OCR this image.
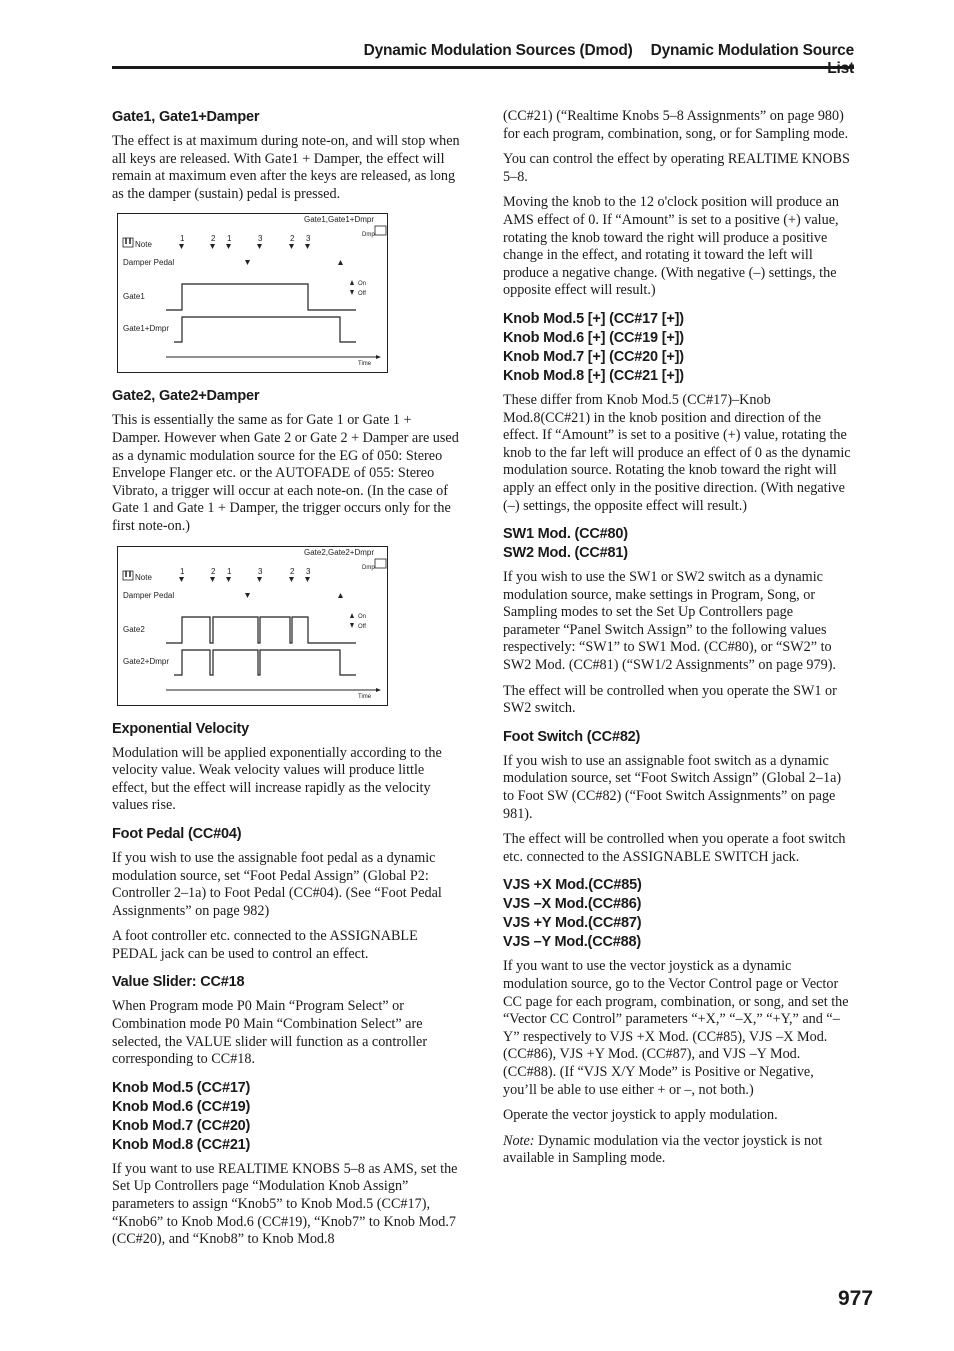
Dynamic Modulation Sources (Dmod) Dynamic Modulation Source
Gate1, Gate1+Damper

The effect is at maximum during note-on, and will stop when all keys are released. With Gate1 + Damper, the effect will remain at maximum even after the keys are released, as long as the damper (sustain) pedal is pressed.

Gate1,Gate1+Dmpr
Dmp
Note
1	2 1	3	2 3
Damper Pedal
On
Off
Gate1
Gate1+Dmpr
Time
Gate2, Gate2+Damper

This is essentially the same as for Gate 1 or Gate 1 + Damper. However when Gate 2 or Gate 2 + Damper are used as a dynamic modulation source for the EG of 050: Stereo Envelope Flanger etc. or the AUTOFADE of 055: Stereo Vibrato, a trigger will occur at each note-on. (In the case of Gate 1 and Gate 1 + Damper, the trigger occurs only for the first note-on.)

Gate2,Gate2+Dmpr
Dmp
Note
1	2 1	3	2 3
Damper Pedal
On
Off
Gate2
Gate2+Dmpr
Time
Exponential Velocity

Modulation will be applied exponentially according to the velocity value. Weak velocity values will produce little effect, but the effect will increase rapidly as the velocity values rise.

Foot Pedal (CC#04)

If you wish to use the assignable foot pedal as a dynamic modulation source, set “Foot Pedal Assign” (Global P2: Controller 2–1a) to Foot Pedal (CC#04). (See “Foot Pedal Assignments” on page 982)

A foot controller etc. connected to the ASSIGNABLE PEDAL jack can be used to control an effect.

Value Slider: CC#18

When Program mode P0 Main “Program Select” or Combination mode P0 Main “Combination Select” are selected, the VALUE slider will function as a controller corresponding to CC#18.

Knob Mod.5 (CC#17)
Knob Mod.6 (CC#19)
Knob Mod.7 (CC#20)
Knob Mod.8 (CC#21)

If you want to use REALTIME KNOBS 5–8 as AMS, set the Set Up Controllers page “Modulation Knob Assign” parameters to assign “Knob5” to Knob Mod.5 (CC#17), “Knob6” to Knob Mod.6 (CC#19), “Knob7” to Knob Mod.7 (CC#20), and “Knob8” to Knob Mod.8

(CC#21) (“Realtime Knobs 5–8 Assignments” on page 980) for each program, combination, song, or for Sampling mode.

You can control the effect by operating REALTIME KNOBS 5–8.

Moving the knob to the 12 o'clock position will produce an AMS effect of 0. If “Amount” is set to a positive (+) value, rotating the knob toward the right will produce a positive change in the effect, and rotating it toward the left will produce a negative change. (With negative (–) settings, the opposite effect will result.)

Knob Mod.5 [+] (CC#17 [+])
Knob Mod.6 [+] (CC#19 [+])
Knob Mod.7 [+] (CC#20 [+])
Knob Mod.8 [+] (CC#21 [+])

These differ from Knob Mod.5 (CC#17)–Knob Mod.8(CC#21) in the knob position and direction of the effect. If “Amount” is set to a positive (+) value, rotating the knob to the far left will produce an effect of 0 as the dynamic modulation source. Rotating the knob toward the right will apply an effect only in the positive direction. (With negative (–) settings, the opposite effect will result.)

SW1 Mod. (CC#80)
SW2 Mod. (CC#81)

If you wish to use the SW1 or SW2 switch as a dynamic modulation source, make settings in Program, Song, or Sampling modes to set the Set Up Controllers page parameter “Panel Switch Assign” to the following values respectively: “SW1” to SW1 Mod. (CC#80), or “SW2” to SW2 Mod. (CC#81) (“SW1/2 Assignments” on page 979).

The effect will be controlled when you operate the SW1 or SW2 switch.

Foot Switch (CC#82)

If you wish to use an assignable foot switch as a dynamic modulation source, set “Foot Switch Assign” (Global 2–1a) to Foot SW (CC#82) (“Foot Switch Assignments” on page 981).

The effect will be controlled when you operate a foot switch etc. connected to the ASSIGNABLE SWITCH jack.

VJS +X Mod.(CC#85)
VJS –X Mod.(CC#86)
VJS +Y Mod.(CC#87)
VJS –Y Mod.(CC#88)

If you want to use the vector joystick as a dynamic modulation source, go to the Vector Control page or Vector CC page for each program, combination, or song, and set the “Vector CC Control” parameters “+X,” “–X,” “+Y,” and “–Y” respectively to VJS +X Mod. (CC#85), VJS –X Mod. (CC#86), VJS +Y Mod. (CC#87), and VJS –Y Mod. (CC#88). (If “VJS X/Y Mode” is Positive or Negative, you’ll be able to use either + or –, not both.)

Operate the vector joystick to apply modulation.

Note: Dynamic modulation via the vector joystick is not available in Sampling mode.

977
